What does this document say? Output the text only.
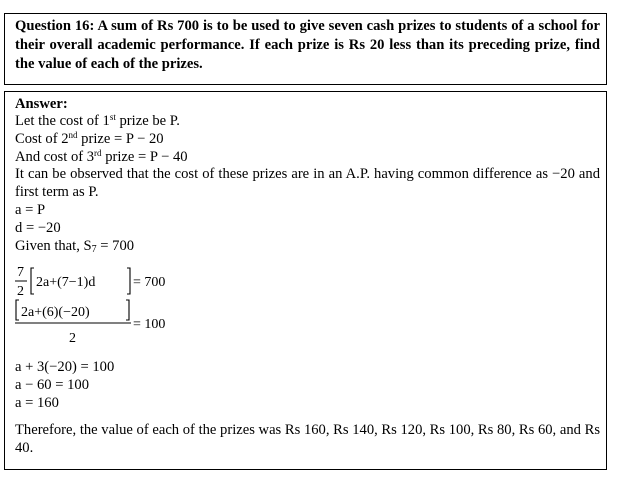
Question 16: A sum of Rs 700 is to be used to give seven cash prizes to students of a school for their overall academic performance. If each prize is Rs 20 less than its preceding prize, find the value of each of the prizes.
Answer:
Let the cost of 1st prize be P.
Cost of 2nd prize = P − 20
And cost of 3rd prize = P − 40
It can be observed that the cost of these prizes are in an A.P. having common difference as −20 and first term as P.
a = P
d = −20
Given that, $S_7 = 700$
7
2
2a+(7−1)d	= 700
2a+(6)(−20)
2
= 100
a + 3(−20) = 100
a − 60 = 100
a = 160
Therefore, the value of each of the prizes was Rs 160, Rs 140, Rs 120, Rs 100, Rs 80, Rs 60, and Rs 40.
